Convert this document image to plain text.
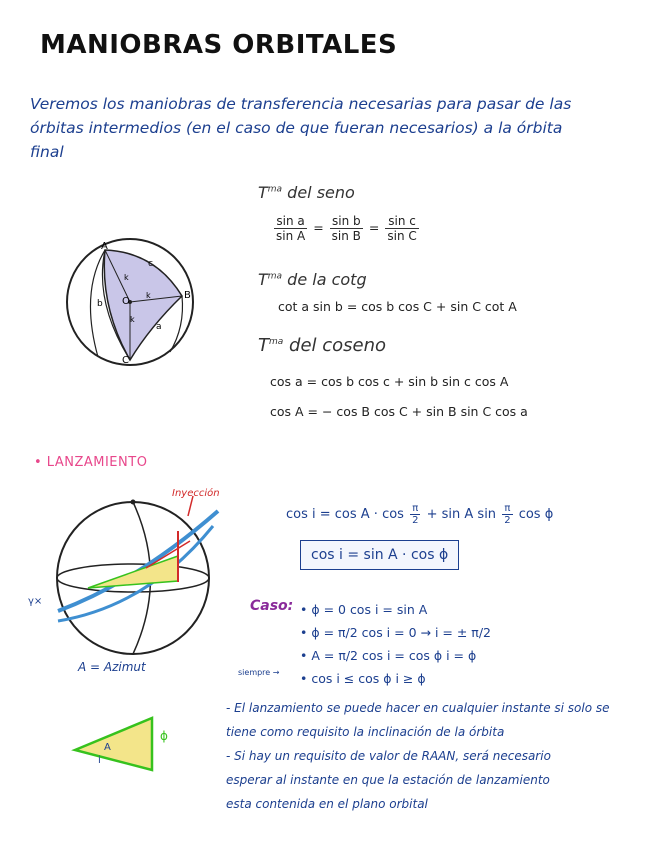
MANIOBRAS ORBITALES
Veremos los maniobras de transferencia necesarias para pasar de las órbitas intermedios (en el caso de que fueran necesarios) a la órbita final
A
B
C
a
b
c
O
k
k
k
$T^{ma}$ del seno
$\frac{\text{sin a}}{\text{sin A}} = \frac{\text{sin b}}{\text{sin B}} = \frac{\text{sin c}}{\text{sin C}}$
$T^{ma}$ de la cotg
cot a sin b = cos b cos C + sin C cot A
$T^{ma}$ del coseno
cos a = cos b cos c + sin b sin c cos A
cos A = − cos B cos C + sin B sin C cos a
• LANZAMIENTO
γ×
Inyección
A = Azimut
$\cos i = \cos A \cdot \cos \frac{\pi}{2} + \sin A$ $\sin \frac{\pi}{2}$ cos ϕ
cos i = sin A · cos ϕ
Caso: • ϕ = 0 cos i = sin A
• ϕ = π/2 cos i = 0 → i = ± π/2
• A = π/2 cos i = cos ϕ i = ϕ
• cos i ≤ cos ϕ i ≥ ϕ
siempre →
A
i
ϕ
- El lanzamiento se puede hacer en cualquier instante si solo se
tiene como requisito la inclinación de la órbita
- Si hay un requisito de valor de RAAN, será necesario
esperar al instante en que la estación de lanzamiento
esta contenida en el plano orbital
